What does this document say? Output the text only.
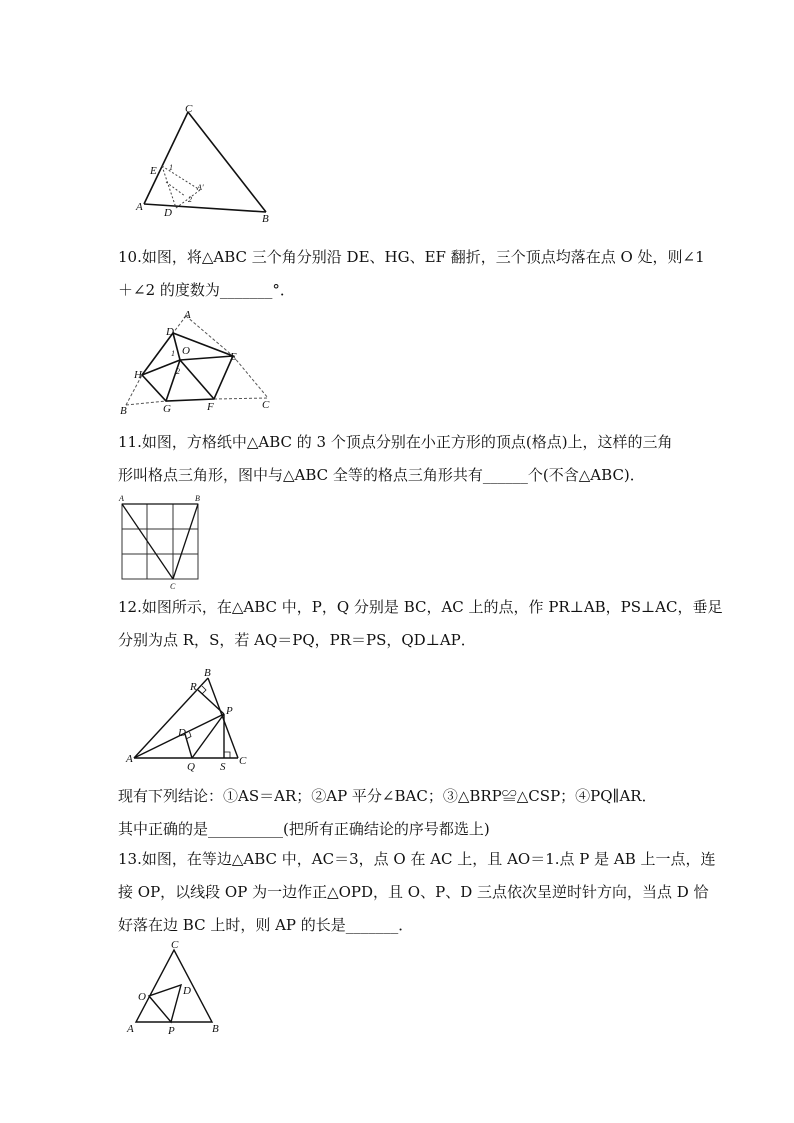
C
E 1
A′
2
A D	B

10.如图，将△ABC 三个角分别沿 DE、HG、EF 翻折，三个顶点均落在点 O 处，则∠1

＋∠2 的度数为_______°．

A
D
1 O	E
H	2
B	G	F	C

11.如图，方格纸中△ABC 的 3 个顶点分别在小正方形的顶点(格点)上，这样的三角

形叫格点三角形，图中与△ABC 全等的格点三角形共有______个(不含△ABC)．

A	B
C

12.如图所示，在△ABC 中，P，Q 分别是 BC，AC 上的点，作 PR⊥AB，PS⊥AC，垂足

分别为点 R，S，若 AQ＝PQ，PR＝PS，QD⊥AP．

R
B
P
D
A
Q S C

现有下列结论：①AS＝AR；②AP 平分∠BAC；③△BRP≌△CSP；④PQ∥AR．

其中正确的是__________(把所有正确结论的序号都选上)

13.如图，在等边△ABC 中，AC＝3，点 O 在 AC 上，且 AO＝1.点 P 是 AB 上一点，连

接 OP，以线段 OP 为一边作正△OPD，且 O、P、D 三点依次呈逆时针方向，当点 D 恰

好落在边 BC 上时，则 AP 的长是_______．

C
O	D
A	P	B
